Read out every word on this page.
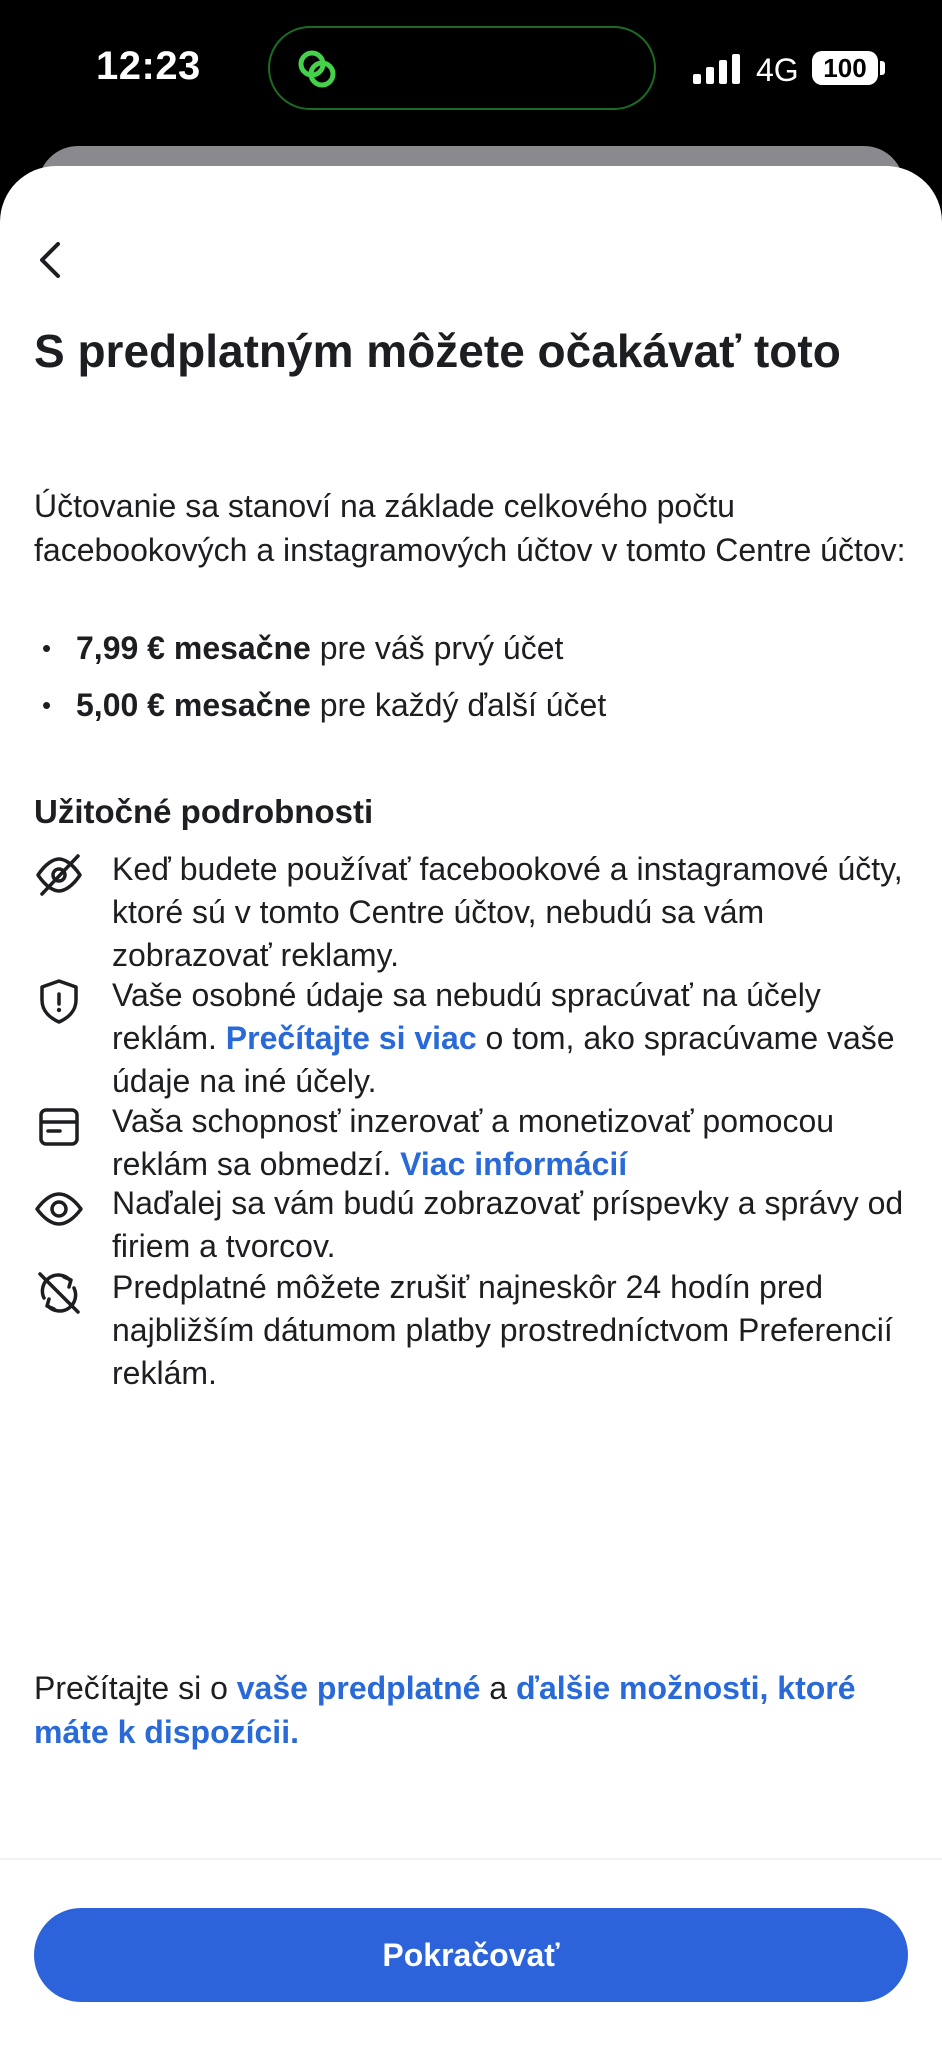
12:23	4G 100
S predplatným môžete očakávať toto

Účtovanie sa stanoví na základe celkového počtu facebookových a instagramových účtov v tomto Centre účtov:

• 7,99 € mesačne pre váš prvý účet
• 5,00 € mesačne pre každý ďalší účet
Užitočné podrobnosti

Keď budete používať facebookové a instagramové účty, ktoré sú v tomto Centre účtov, nebudú sa vám zobrazovať reklamy.

Vaše osobné údaje sa nebudú spracúvať na účely reklám. Prečítajte si viac o tom, ako spracúvame vaše údaje na iné účely.

Vaša schopnosť inzerovať a monetizovať pomocou reklám sa obmedzí. Viac informácií

Naďalej sa vám budú zobrazovať príspevky a správy od firiem a tvorcov.

Predplatné môžete zrušiť najneskôr 24 hodín pred najbližším dátumom platby prostredníctvom Preferencií reklám.

Prečítajte si o vaše predplatné a ďalšie možnosti, ktoré máte k dispozícii.

Pokračovať
